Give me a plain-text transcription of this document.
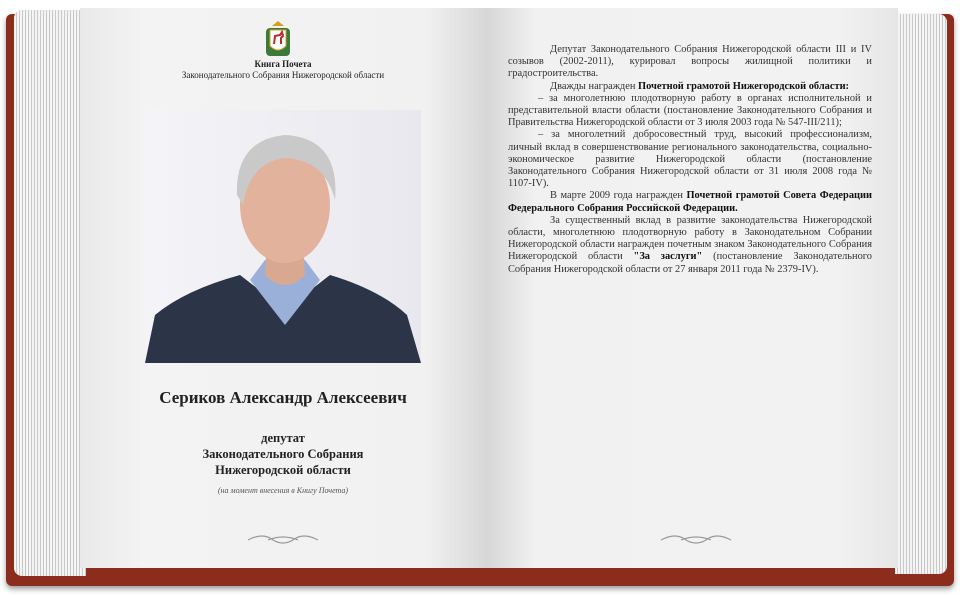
Книга Почета
Законодательного Собрания Нижегородской области
Сериков Александр Алексеевич
депутат
Законодательного Собрания
Нижегородской области
(на момент внесения в Книгу Почета)

Депутат Законодательного Собрания Нижегородской области III и IV созывов (2002-2011), курировал вопросы жилищной политики и градостроительства.

Дважды награжден Почетной грамотой Нижегородской области:

– за многолетнюю плодотворную работу в органах исполнительной и представительной власти области (постановление Законодательного Собрания и Правительства Нижегородской области от 3 июля 2003 года № 547-III/211);

– за многолетний добросовестный труд, высокий профессионализм, личный вклад в совершенствование регионального законодательства, социально-экономическое развитие Нижегородской области (постановление Законодательного Собрания Нижегородской области от 31 июля 2008 года № 1107-IV).

В марте 2009 года награжден Почетной грамотой Совета Федерации Федерального Собрания Российской Федерации.

За существенный вклад в развитие законодательства Нижегородской области, многолетнюю плодотворную работу в Законодательном Собрании Нижегородской области награжден почетным знаком Законодательного Собрания Нижегородской области "За заслуги" (постановление Законодательного Собрания Нижегородской области от 27 января 2011 года № 2379-IV).
